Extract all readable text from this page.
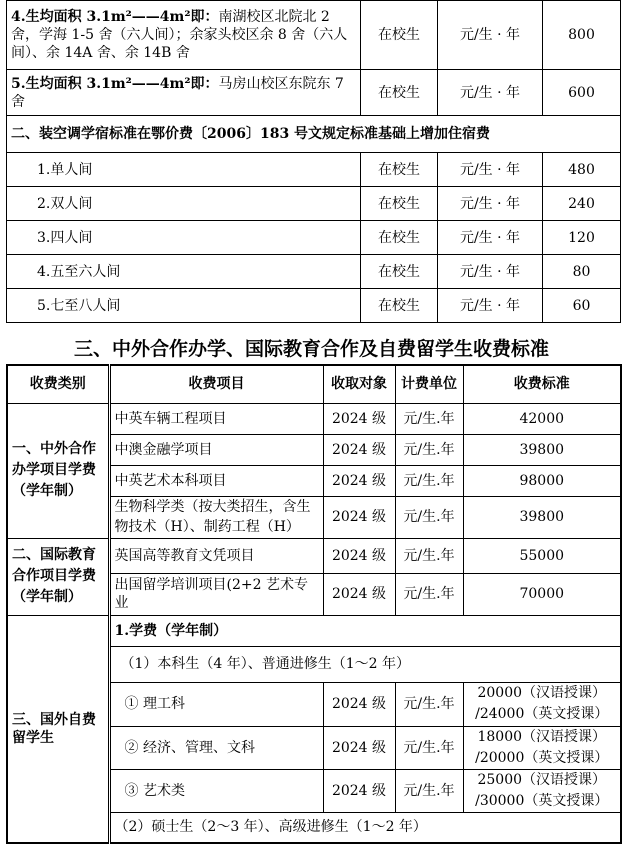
4.生均面积 3.1m²——4m²即：南湖校区北院北 2 舍，学海 1-5 舍（六人间）；余家头校区余 8 舍（六人间）、余 14A 舍、余 14B 舍	在校生	元/生 · 年	800
5.生均面积 3.1m²——4m²即：马房山校区东院东 7 舍	在校生	元/生 · 年	600
二、装空调学宿标准在鄂价费〔2006〕183 号文规定标准基础上增加住宿费			
1.单人间	在校生	元/生 · 年	480
2.双人间	在校生	元/生 · 年	240
3.四人间	在校生	元/生 · 年	120
4.五至六人间	在校生	元/生 · 年	80
5.七至八人间	在校生	元/生 · 年	60
三、中外合作办学、国际教育合作及自费留学生收费标准
收费类别	收费项目	收取对象	计费单位	收费标准
一、中外合作办学项目学费（学年制）	中英车辆工程项目	2024 级	元/生.年	42000
	中澳金融学项目	2024 级	元/生.年	39800
	中英艺术本科项目	2024 级	元/生.年	98000
	生物科学类（按大类招生，含生物技术（H）、制药工程（H）	2024 级	元/生.年	39800
二、国际教育合作项目学费（学年制）	英国高等教育文凭项目	2024 级	元/生.年	55000
	出国留学培训项目(2+2 艺术专业	2024 级	元/生.年	70000
三、国外自费留学生	1.学费（学年制）			
	（1）本科生（4 年）、普通进修生（1～2 年）			
	① 理工科	2024 级	元/生.年	20000（汉语授课）
/24000（英文授课）

	② 经济、管理、文科	2024 级	元/生.年	18000（汉语授课）
/20000（英文授课）

	③ 艺术类	2024 级	元/生.年	25000（汉语授课）
/30000（英文授课）

	（2）硕士生（2～3 年）、高级进修生（1～2 年）			
